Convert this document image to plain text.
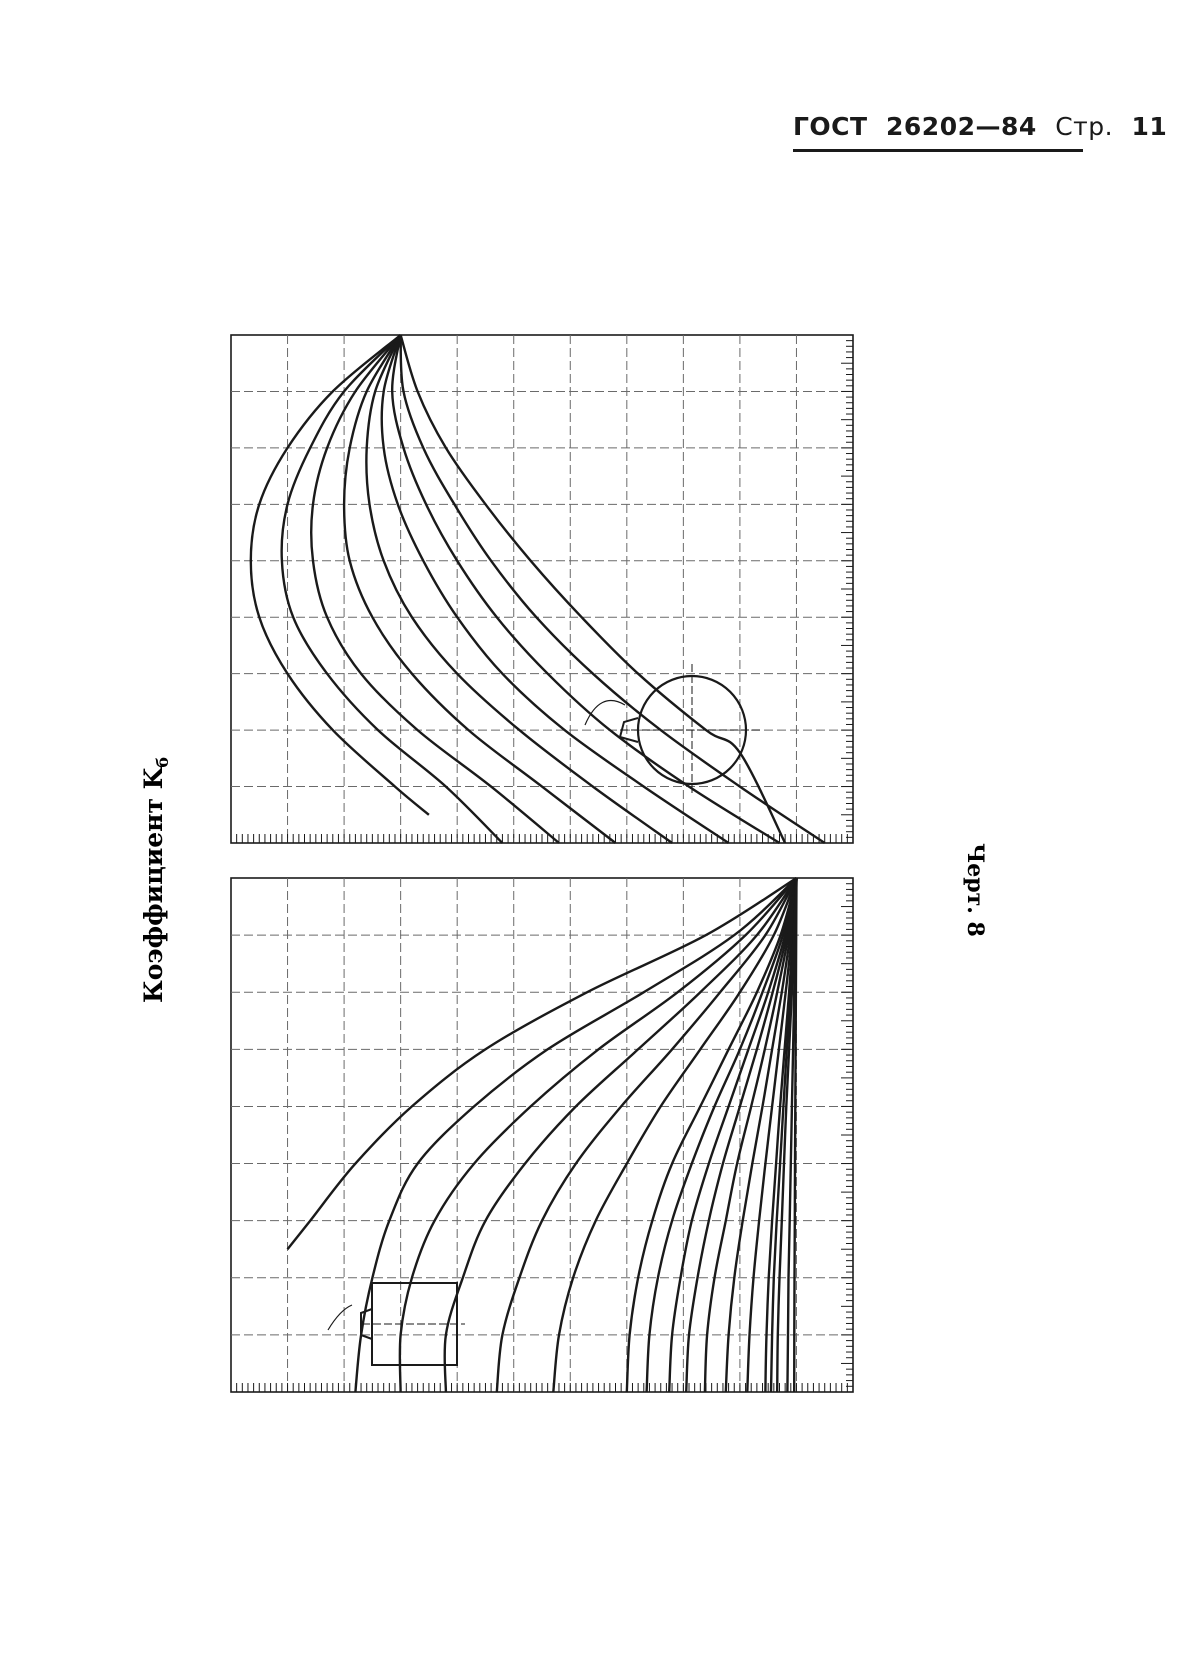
ГОСТ 26202—84 Стр. 11
Коэффициент $K_б$
Черт. 8
